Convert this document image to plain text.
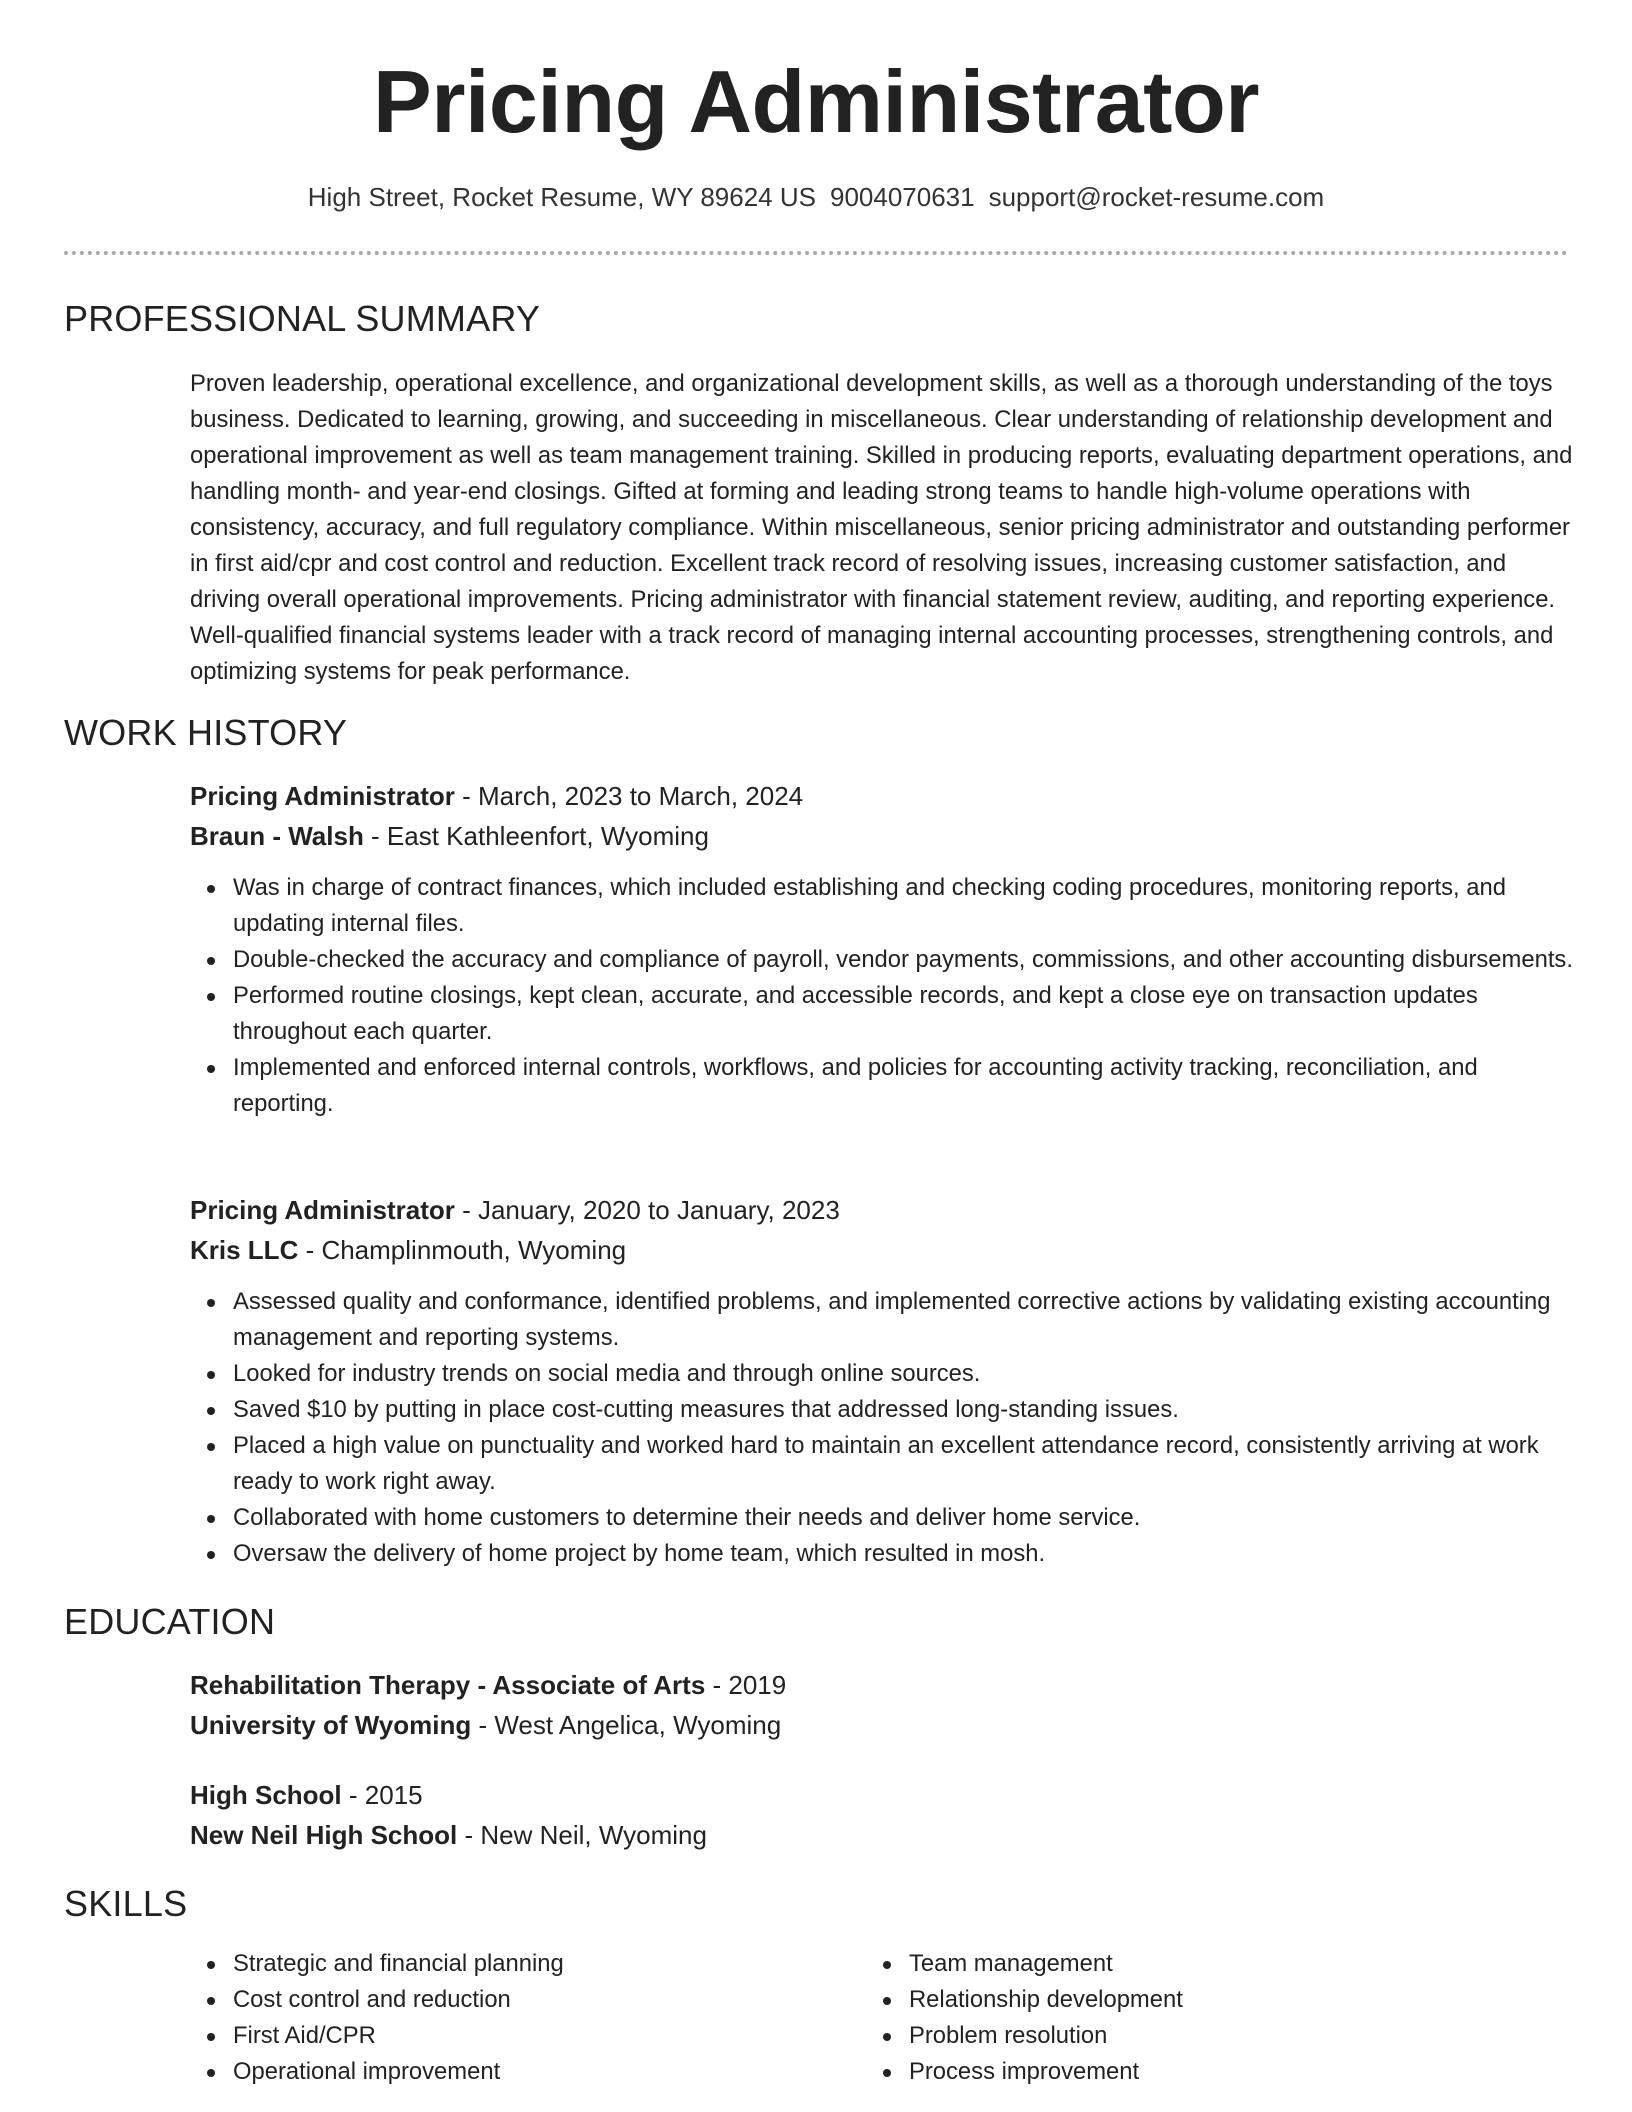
Pricing Administrator
High Street, Rocket Resume, WY 89624 US 9004070631 support@rocket-resume.com
PROFESSIONAL SUMMARY
Proven leadership, operational excellence, and organizational development skills, as well as a thorough understanding of the toys business. Dedicated to learning, growing, and succeeding in miscellaneous. Clear understanding of relationship development and operational improvement as well as team management training. Skilled in producing reports, evaluating department operations, and handling month- and year-end closings. Gifted at forming and leading strong teams to handle high-volume operations with consistency, accuracy, and full regulatory compliance. Within miscellaneous, senior pricing administrator and outstanding performer in first aid/cpr and cost control and reduction. Excellent track record of resolving issues, increasing customer satisfaction, and driving overall operational improvements. Pricing administrator with financial statement review, auditing, and reporting experience. Well-qualified financial systems leader with a track record of managing internal accounting processes, strengthening controls, and optimizing systems for peak performance.
WORK HISTORY
Pricing Administrator - March, 2023 to March, 2024
Braun - Walsh - East Kathleenfort, Wyoming
Was in charge of contract finances, which included establishing and checking coding procedures, monitoring reports, and updating internal files.
Double-checked the accuracy and compliance of payroll, vendor payments, commissions, and other accounting disbursements.
Performed routine closings, kept clean, accurate, and accessible records, and kept a close eye on transaction updates throughout each quarter.
Implemented and enforced internal controls, workflows, and policies for accounting activity tracking, reconciliation, and reporting.
Pricing Administrator - January, 2020 to January, 2023
Kris LLC - Champlinmouth, Wyoming
Assessed quality and conformance, identified problems, and implemented corrective actions by validating existing accounting management and reporting systems.
Looked for industry trends on social media and through online sources.
Saved $10 by putting in place cost-cutting measures that addressed long-standing issues.
Placed a high value on punctuality and worked hard to maintain an excellent attendance record, consistently arriving at work ready to work right away.
Collaborated with home customers to determine their needs and deliver home service.
Oversaw the delivery of home project by home team, which resulted in mosh.
EDUCATION
Rehabilitation Therapy - Associate of Arts - 2019
University of Wyoming - West Angelica, Wyoming
High School - 2015
New Neil High School - New Neil, Wyoming
SKILLS
Strategic and financial planning
Cost control and reduction
First Aid/CPR
Operational improvement
Team management
Relationship development
Problem resolution
Process improvement
